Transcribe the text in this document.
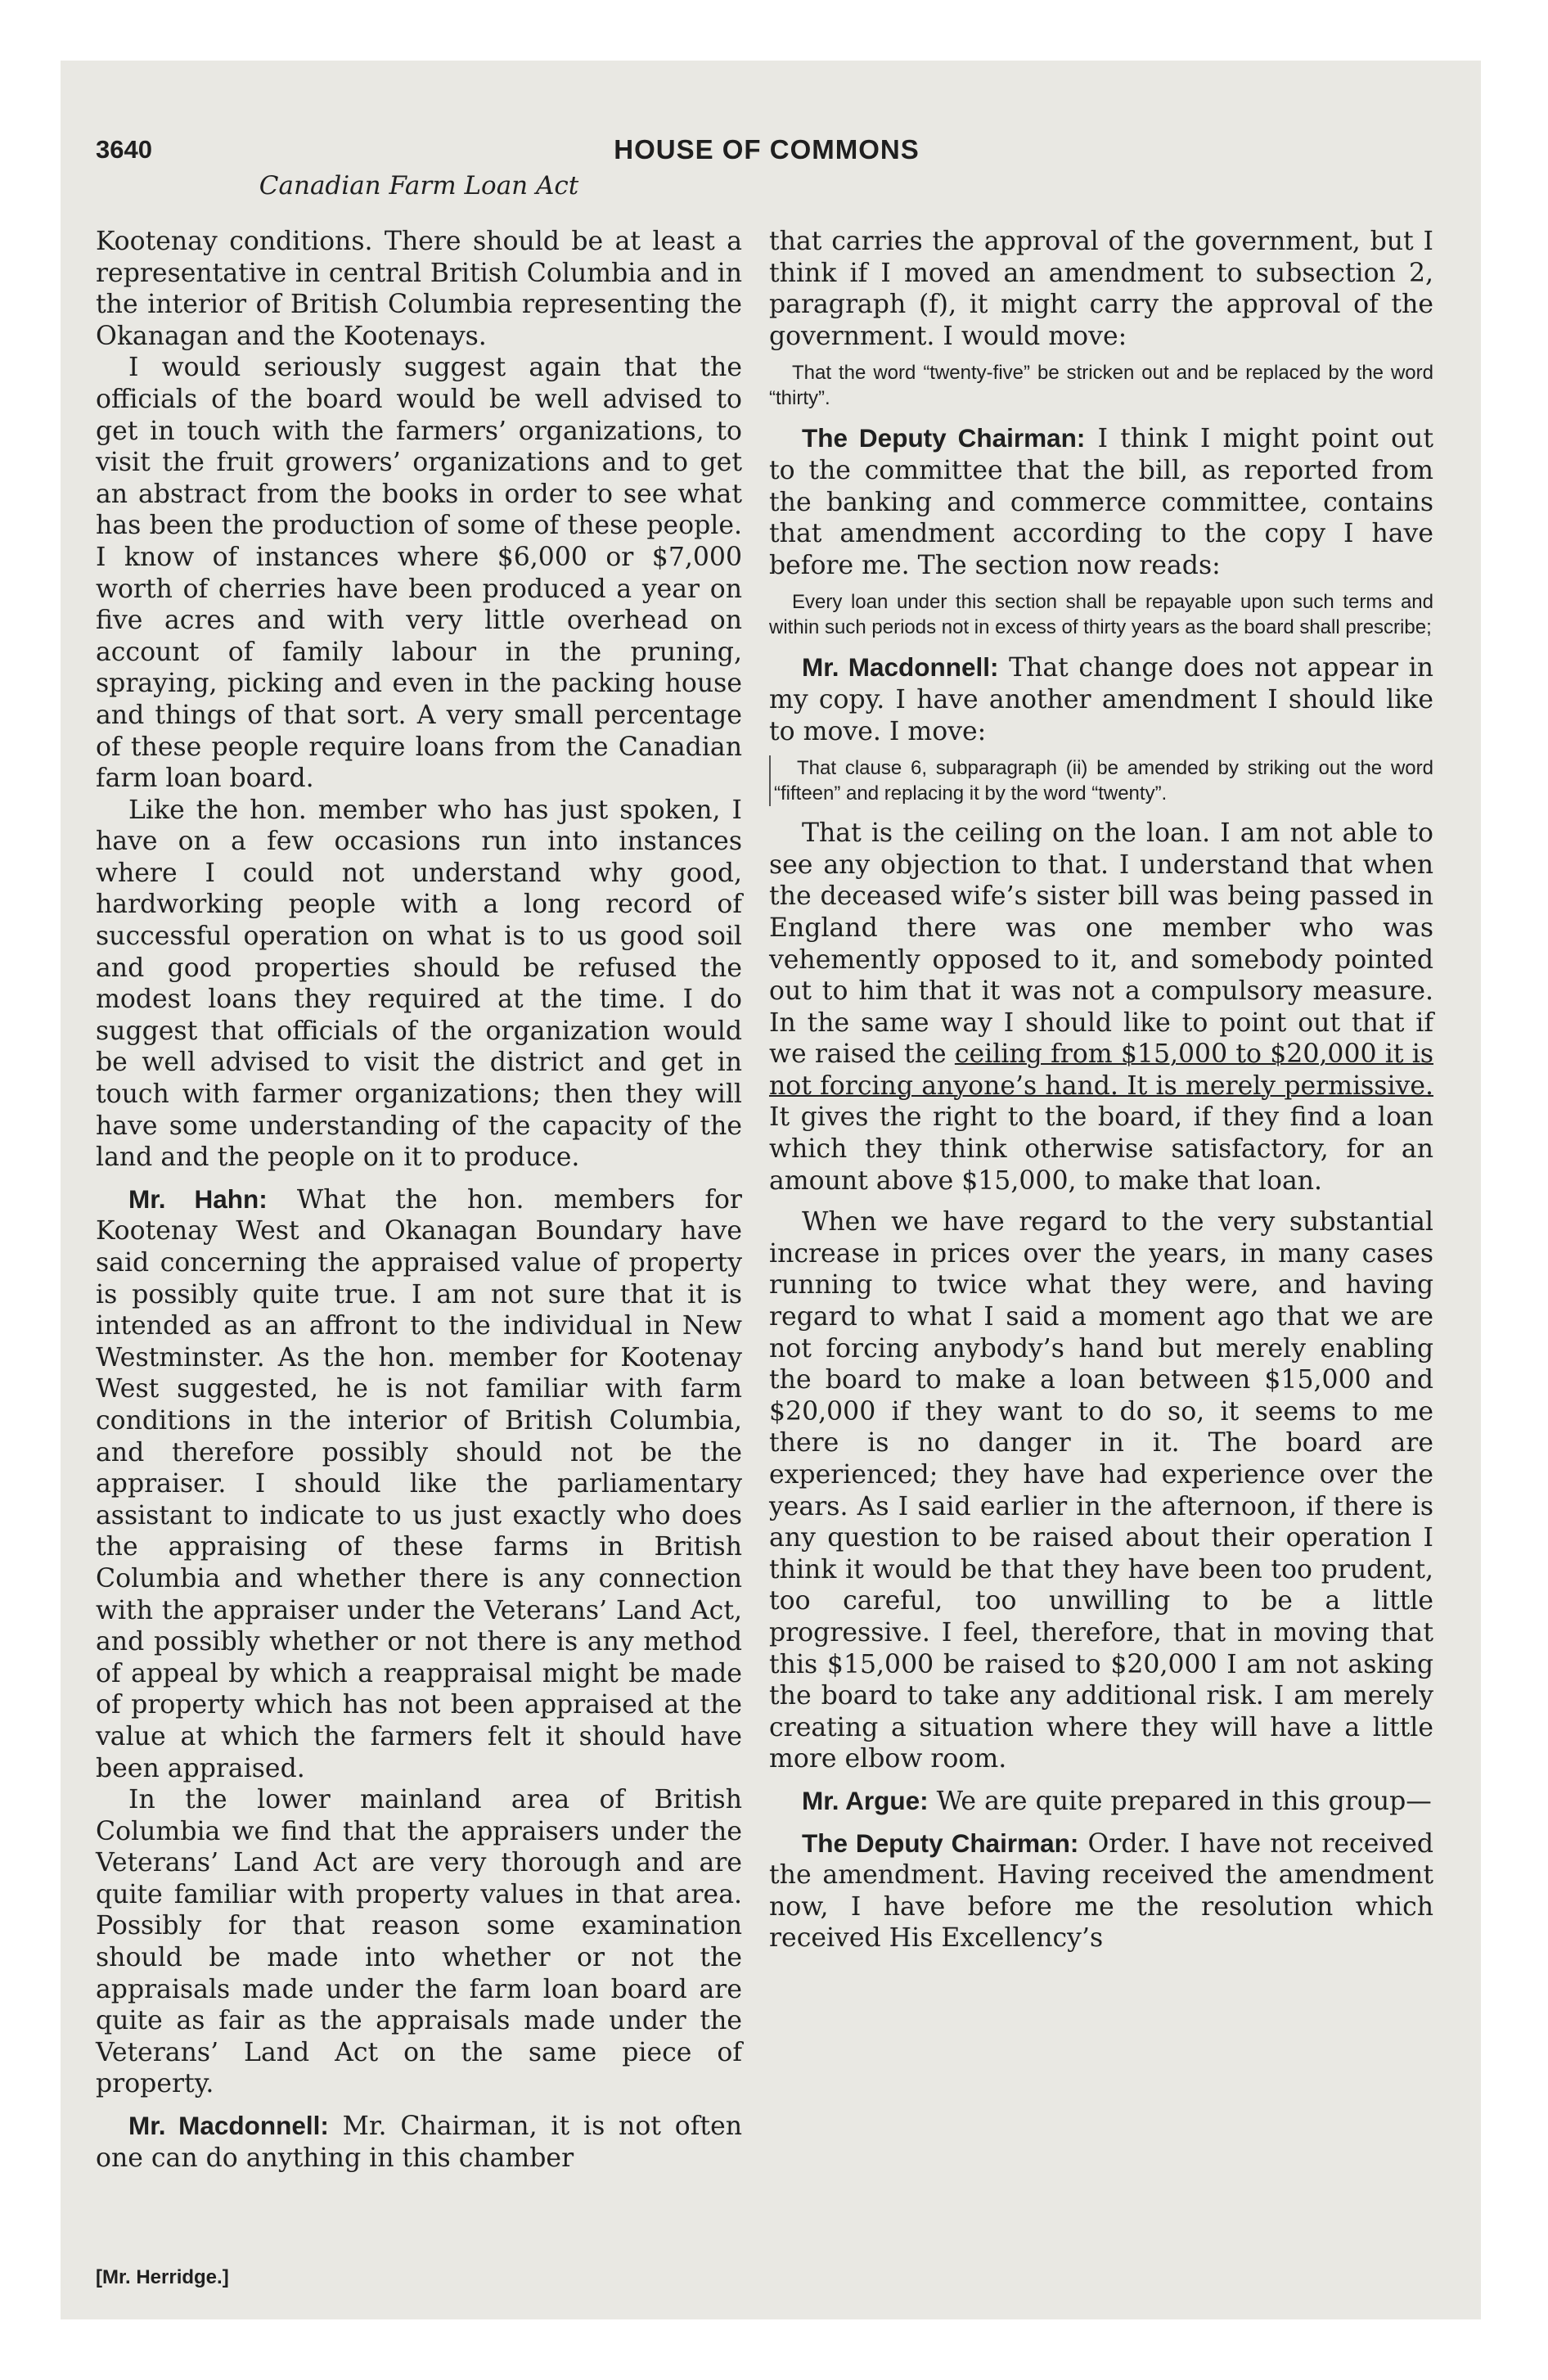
3640	HOUSE OF COMMONS
Canadian Farm Loan Act

Kootenay conditions. There should be at least a representative in central British Columbia and in the interior of British Columbia representing the Okanagan and the Kootenays.

I would seriously suggest again that the officials of the board would be well advised to get in touch with the farmers’ organizations, to visit the fruit growers’ organizations and to get an abstract from the books in order to see what has been the production of some of these people. I know of instances where $6,000 or $7,000 worth of cherries have been produced a year on five acres and with very little overhead on account of family labour in the pruning, spraying, picking and even in the packing house and things of that sort. A very small percentage of these people require loans from the Canadian farm loan board.

Like the hon. member who has just spoken, I have on a few occasions run into instances where I could not understand why good, hardworking people with a long record of successful operation on what is to us good soil and good properties should be refused the modest loans they required at the time. I do suggest that officials of the organization would be well advised to visit the district and get in touch with farmer organizations; then they will have some understanding of the capacity of the land and the people on it to produce.

Mr. Hahn: What the hon. members for Kootenay West and Okanagan Boundary have said concerning the appraised value of property is possibly quite true. I am not sure that it is intended as an affront to the individual in New Westminster. As the hon. member for Kootenay West suggested, he is not familiar with farm conditions in the interior of British Columbia, and therefore possibly should not be the appraiser. I should like the parliamentary assistant to indicate to us just exactly who does the appraising of these farms in British Columbia and whether there is any connection with the appraiser under the Veterans’ Land Act, and possibly whether or not there is any method of appeal by which a reappraisal might be made of property which has not been appraised at the value at which the farmers felt it should have been appraised.

In the lower mainland area of British Columbia we find that the appraisers under the Veterans’ Land Act are very thorough and are quite familiar with property values in that area. Possibly for that reason some examination should be made into whether or not the appraisals made under the farm loan board are quite as fair as the appraisals made under the Veterans’ Land Act on the same piece of property.

Mr. Macdonnell: Mr. Chairman, it is not often one can do anything in this chamber

that carries the approval of the government, but I think if I moved an amendment to subsection 2, paragraph (f), it might carry the approval of the government. I would move:

That the word “twenty-five” be stricken out and be replaced by the word “thirty”.

The Deputy Chairman: I think I might point out to the committee that the bill, as reported from the banking and commerce committee, contains that amendment according to the copy I have before me. The section now reads:

Every loan under this section shall be repayable upon such terms and within such periods not in excess of thirty years as the board shall prescribe;

Mr. Macdonnell: That change does not appear in my copy. I have another amendment I should like to move. I move:

That clause 6, subparagraph (ii) be amended by striking out the word “fifteen” and replacing it by the word “twenty”.

That is the ceiling on the loan. I am not able to see any objection to that. I understand that when the deceased wife’s sister bill was being passed in England there was one member who was vehemently opposed to it, and somebody pointed out to him that it was not a compulsory measure. In the same way I should like to point out that if we raised the ceiling from $15,000 to $20,000 it is not forcing anyone’s hand. It is merely permissive. It gives the right to the board, if they find a loan which they think otherwise satisfactory, for an amount above $15,000, to make that loan.

When we have regard to the very substantial increase in prices over the years, in many cases running to twice what they were, and having regard to what I said a moment ago that we are not forcing anybody’s hand but merely enabling the board to make a loan between $15,000 and $20,000 if they want to do so, it seems to me there is no danger in it. The board are experienced; they have had experience over the years. As I said earlier in the afternoon, if there is any question to be raised about their operation I think it would be that they have been too prudent, too careful, too unwilling to be a little progressive. I feel, therefore, that in moving that this $15,000 be raised to $20,000 I am not asking the board to take any additional risk. I am merely creating a situation where they will have a little more elbow room.

Mr. Argue: We are quite prepared in this group—

The Deputy Chairman: Order. I have not received the amendment. Having received the amendment now, I have before me the resolution which received His Excellency’s

[Mr. Herridge.]
